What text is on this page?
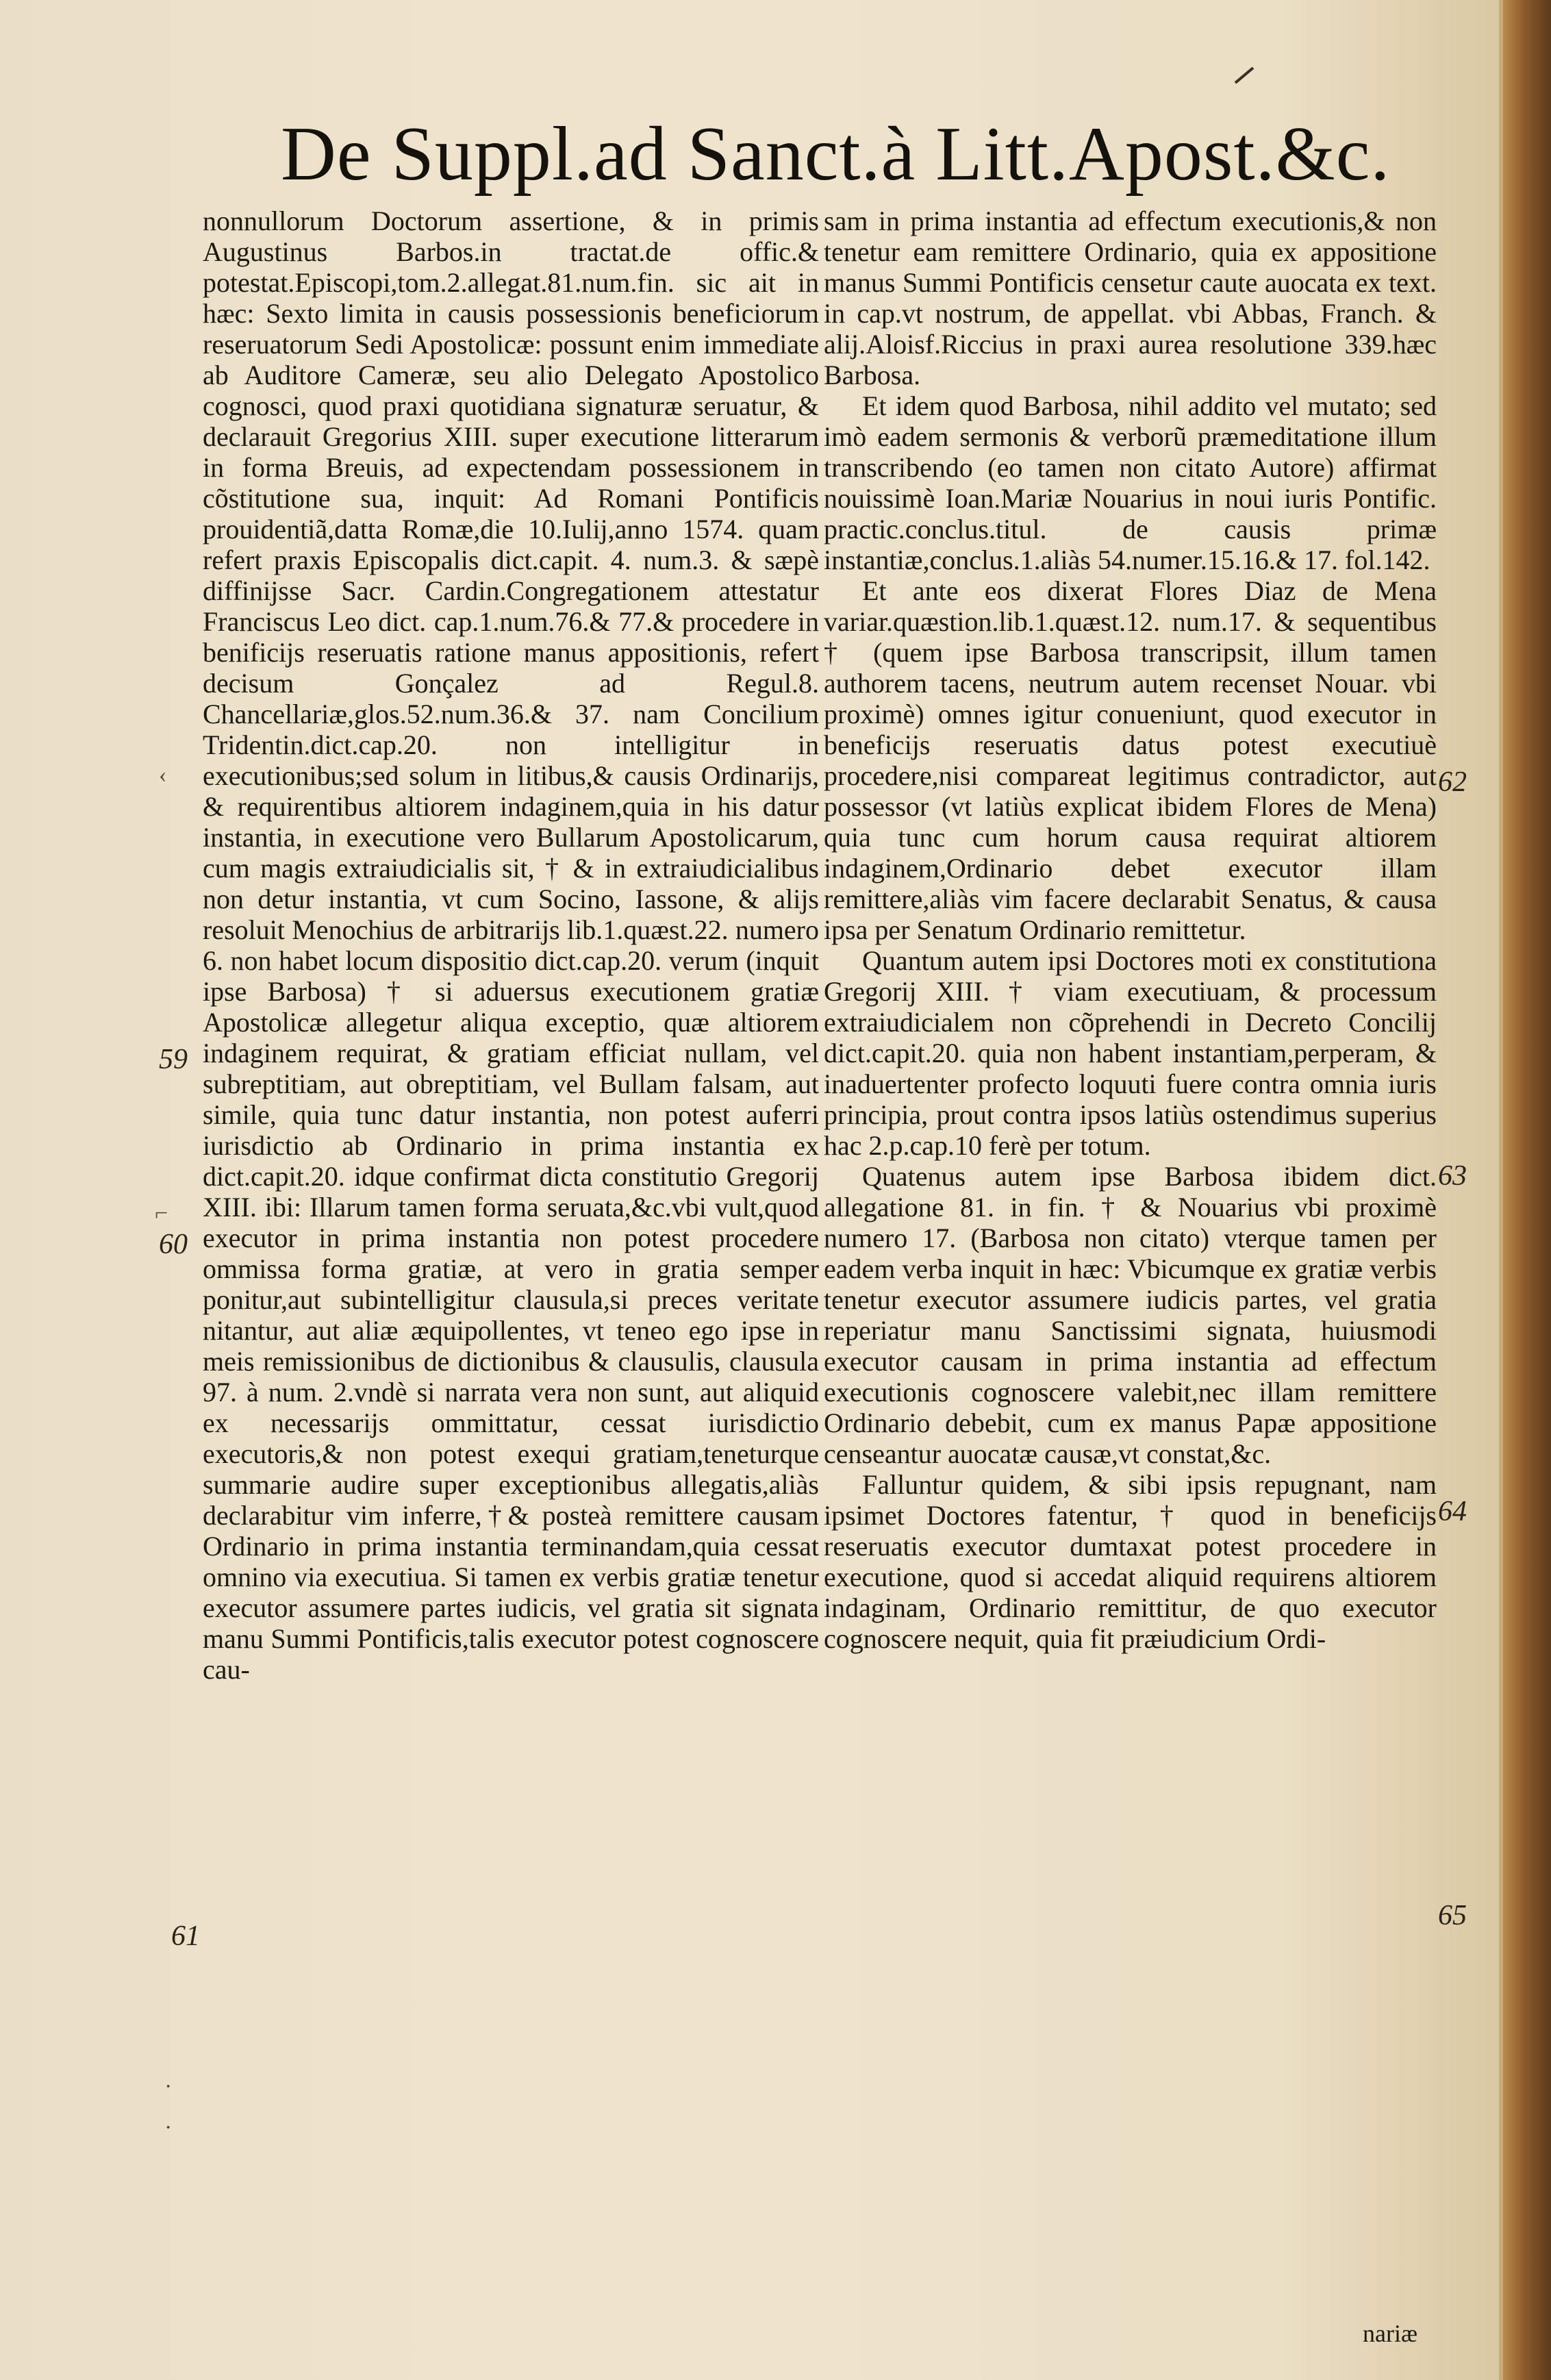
De Suppl.ad Sanct.à Litt.Apost.&c.

nonnullorum Doctorum assertione, & in primis Augustinus Barbos.in tractat.de offic.& potestat.Episcopi,tom.2.allegat.81.num.fin. sic ait in hæc: Sexto limita in causis possessionis beneficiorum reseruatorum Sedi Apostolicæ: possunt enim immediate ab Auditore Cameræ, seu alio Delegato Apostolico cognosci, quod praxi quotidiana signaturæ seruatur, & declarauit Gregorius XIII. super executione litterarum in forma Breuis, ad expectendam possessionem in cõstitutione sua, inquit: Ad Romani Pontificis prouidentiã,datta Romæ,die 10.Iulij,anno 1574. quam refert praxis Episcopalis dict.capit. 4. num.3. & sæpè diffinijsse Sacr. Cardin.Congregationem attestatur Franciscus Leo dict. cap.1.num.76.& 77.& procedere in benificijs reseruatis ratione manus appositionis, refert decisum Gonçalez ad Regul.8. Chancellariæ,glos.52.num.36.& 37. nam Concilium Tridentin.dict.cap.20. non intelligitur in executionibus;sed solum in litibus,& causis Ordinarijs, & requirentibus altiorem indaginem,quia in his datur instantia, in executione vero Bullarum Apostolicarum, cum magis extraiudicialis sit, † & in extraiudicialibus non detur instantia, vt cum Socino, Iassone, & alijs resoluit Menochius de arbitrarijs lib.1.quæst.22. numero 6. non habet locum dispositio dict.cap.20. verum (inquit ipse Barbosa) † si aduersus executionem gratiæ Apostolicæ allegetur aliqua exceptio, quæ altiorem indaginem requirat, & gratiam efficiat nullam, vel subreptitiam, aut obreptitiam, vel Bullam falsam, aut simile, quia tunc datur instantia, non potest auferri iurisdictio ab Ordinario in prima instantia ex dict.capit.20. idque confirmat dicta constitutio Gregorij XIII. ibi: Illarum tamen forma seruata,&c.vbi vult,quod executor in prima instantia non potest procedere ommissa forma gratiæ, at vero in gratia semper ponitur,aut subintelligitur clausula,si preces veritate nitantur, aut aliæ æquipollentes, vt teneo ego ipse in meis remissionibus de dictionibus & clausulis, clausula 97. à num. 2.vndè si narrata vera non sunt, aut aliquid ex necessarijs ommittatur, cessat iurisdictio executoris,& non potest exequi gratiam,teneturque summarie audire super exceptionibus allegatis,aliàs declarabitur vim inferre,†& posteà remittere causam Ordinario in prima instantia terminandam,quia cessat omnino via executiua. Si tamen ex verbis gratiæ tenetur executor assumere partes iudicis, vel gratia sit signata manu Summi Pontificis,talis executor potest cognoscere cau-

sam in prima instantia ad effectum executionis,& non tenetur eam remittere Ordinario, quia ex appositione manus Summi Pontificis censetur caute auocata ex text. in cap.vt nostrum, de appellat. vbi Abbas, Franch. & alij.Aloisf.Riccius in praxi aurea resolutione 339.hæc Barbosa.

Et idem quod Barbosa, nihil addito vel mutato; sed imò eadem sermonis & verborũ præmeditatione illum transcribendo (eo tamen non citato Autore) affirmat nouissimè Ioan.Mariæ Nouarius in noui iuris Pontific. practic.conclus.titul. de causis primæ instantiæ,conclus.1.aliàs 54.numer.15.16.& 17. fol.142.

Et ante eos dixerat Flores Diaz de Mena variar.quæstion.lib.1.quæst.12. num.17. & sequentibus † (quem ipse Barbosa transcripsit, illum tamen authorem tacens, neutrum autem recenset Nouar. vbi proximè) omnes igitur conueniunt, quod executor in beneficijs reseruatis datus potest executiuè procedere,nisi compareat legitimus contradictor, aut possessor (vt latiùs explicat ibidem Flores de Mena) quia tunc cum horum causa requirat altiorem indaginem,Ordinario debet executor illam remittere,aliàs vim facere declarabit Senatus, & causa ipsa per Senatum Ordinario remittetur.

Quantum autem ipsi Doctores moti ex constitutiona Gregorij XIII. † viam executiuam, & processum extraiudicialem non cõprehendi in Decreto Concilij dict.capit.20. quia non habent instantiam,perperam, & inaduertenter profecto loquuti fuere contra omnia iuris principia, prout contra ipsos latiùs ostendimus superius hac 2.p.cap.10 ferè per totum.

Quatenus autem ipse Barbosa ibidem dict. allegatione 81. in fin. † & Nouarius vbi proximè numero 17. (Barbosa non citato) vterque tamen per eadem verba inquit in hæc: Vbicumque ex gratiæ verbis tenetur executor assumere iudicis partes, vel gratia reperiatur manu Sanctissimi signata, huiusmodi executor causam in prima instantia ad effectum executionis cognoscere valebit,nec illam remittere Ordinario debebit, cum ex manus Papæ appositione censeantur auocatæ causæ,vt constat,&c.

Falluntur quidem, & sibi ipsis repugnant, nam ipsimet Doctores fatentur, † quod in beneficijs reseruatis executor dumtaxat potest procedere in executione, quod si accedat aliquid requirens altiorem indaginam, Ordinario remittitur, de quo executor cognoscere nequit, quia fit præiudicium Ordi-

nariæ
59
60
61
62
63
64
65
‹
⌐
·
·
